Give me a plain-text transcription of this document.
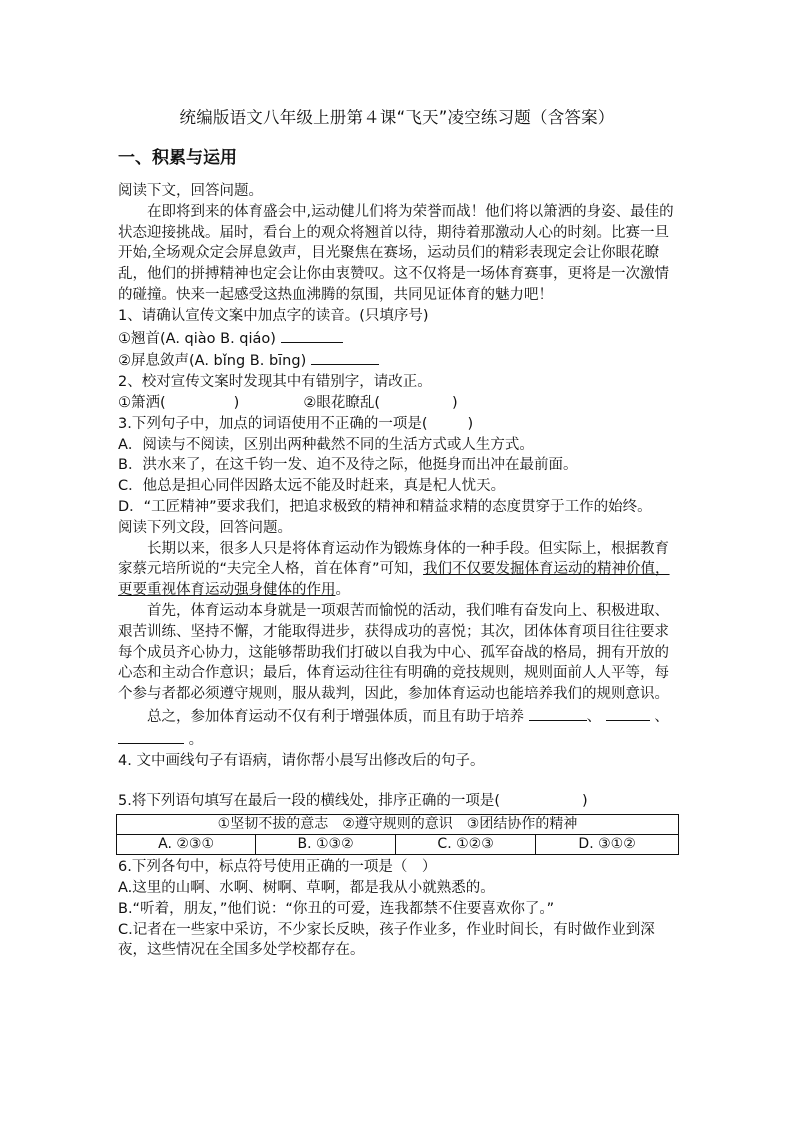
统编版语文八年级上册第４课“飞天”凌空练习题（含答案）
一、积累与运用

阅读下文，回答问题。

在即将到来的体育盛会中,运动健儿们将为荣誉而战！他们将以箫洒的身姿、最佳的状态迎接挑战。届时，看台上的观众将翘首以待，期待着那激动人心的时刻。比赛一旦开始,全场观众定会屏息敛声，目光聚焦在赛场，运动员们的精彩表现定会让你眼花瞭乱，他们的拼搏精神也定会让你由衷赞叹。这不仅将是一场体育赛事，更将是一次激情的碰撞。快来一起感受这热血沸腾的氛围，共同见证体育的魅力吧！

1、请确认宣传文案中加点字的读音。(只填序号)

①翘首(A. qiào B. qiáo)

②屏息敛声(A. bǐng B. bīng)

2、校对宣传文案时发现其中有错别字，请改正。

①箫洒(	)	②眼花瞭乱(	)

3.下列句子中，加点的词语使用不正确的一项是(	)

A．阅读与不阅读，区别出两种截然不同的生活方式或人生方式。

B．洪水来了，在这千钧一发、迫不及待之际，他挺身而出冲在最前面。

C．他总是担心同伴因路太远不能及时赶来，真是杞人忧天。

D．“工匠精神”要求我们，把追求极致的精神和精益求精的态度贯穿于工作的始终。

阅读下列文段，回答问题。

长期以来，很多人只是将体育运动作为锻炼身体的一种手段。但实际上，根据教育家蔡元培所说的“夫完全人格，首在体育”可知，我们不仅要发掘体育运动的精神价值，更要重视体育运动强身健体的作用。

首先，体育运动本身就是一项艰苦而愉悦的活动，我们唯有奋发向上、积极进取、艰苦训练、坚持不懈，才能取得进步，获得成功的喜悦；其次，团体体育项目往往要求每个成员齐心协力，这能够帮助我们打破以自我为中心、孤军奋战的格局，拥有开放的心态和主动合作意识；最后，体育运动往往有明确的竞技规则，规则面前人人平等，每个参与者都必须遵守规则，服从裁判，因此，参加体育运动也能培养我们的规则意识。

总之，参加体育运动不仅有利于增强体质，而且有助于培养	、	、  。

4. 文中画线句子有语病，请你帮小晨写出修改后的句子。

5.将下列语句填写在最后一段的横线处，排序正确的一项是(	)

①坚韧不拔的意志　②遵守规则的意识　③团结协作的精神
A. ②③①	B. ①③②	C. ①②③	D. ③①②

6.下列各句中，标点符号使用正确的一项是（　）

A.这里的山啊、水啊、树啊、草啊，都是我从小就熟悉的。

B.“听着，朋友，”他们说：“你丑的可爱，连我都禁不住要喜欢你了。”

C.记者在一些家中采访，不少家长反映，孩子作业多，作业时间长，有时做作业到深夜，这些情况在全国多处学校都存在。
